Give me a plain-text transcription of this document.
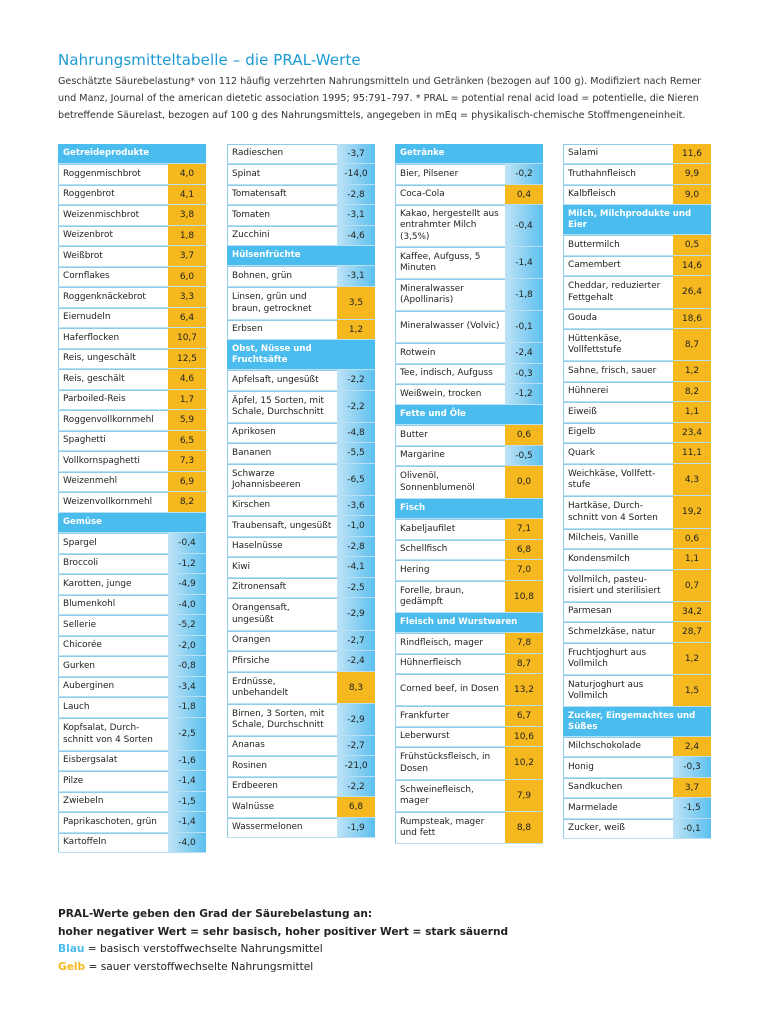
Nahrungsmitteltabelle – die PRAL-Werte

Geschätzte Säurebelastung* von 112 häufig verzehrten Nahrungsmitteln und Getränken (bezogen auf 100 g). Modifiziert nach Remer und Manz, Journal of the american dietetic association 1995; 95:791–797. * PRAL = potential renal acid load = potentielle, die Nieren betreffende Säurelast, bezogen auf 100 g des Nahrungsmittels, angegeben in mEq = physikalisch-chemische Stoffmengeneinheit.

Getreideprodukte
Roggenmischbrot	4,0
Roggenbrot	4,1
Weizenmischbrot	3,8
Weizenbrot	1,8
Weißbrot	3,7
Cornflakes	6,0
Roggenknäckebrot	3,3
Eiernudeln	6,4
Haferflocken	10,7
Reis, ungeschält	12,5
Reis, geschält	4,6
Parboiled-Reis	1,7
Roggenvollkornmehl	5,9
Spaghetti	6,5
Vollkornspaghetti	7,3
Weizenmehl	6,9
Weizenvollkornmehl	8,2
Gemüse
Spargel	-0,4
Broccoli	-1,2
Karotten, junge	-4,9
Blumenkohl	-4,0
Sellerie	-5,2
Chicorée	-2,0
Gurken	-0,8
Auberginen	-3,4
Lauch	-1,8
Kopfsalat, Durch-schnitt von 4 Sorten
-2,5
Eisbergsalat	-1,6
Pilze	-1,4
Zwiebeln	-1,5
Paprikaschoten, grün	-1,4
Kartoffeln	-4,0
Radieschen	-3,7
Spinat	-14,0
Tomatensaft	-2,8
Tomaten	-3,1
Zucchini	-4,6
Hülsenfrüchte
Bohnen, grün	-3,1
Linsen, grün und braun, getrocknet
3,5
Erbsen	1,2
Obst, Nüsse und Fruchtsäfte
Apfelsaft, ungesüßt	-2,2
Äpfel, 15 Sorten, mit Schale, Durchschnitt
-2,2
Aprikosen	-4,8
Bananen	-5,5
Schwarze Johannisbeeren
-6,5
Kirschen	-3,6
Traubensaft, ungesüßt	-1,0
Haselnüsse	-2,8
Kiwi	-4,1
Zitronensaft	-2,5
Orangensaft, ungesüßt
-2,9
Orangen	-2,7
Pfirsiche	-2,4
Erdnüsse, unbehandelt
8,3
Birnen, 3 Sorten, mit Schale, Durchschnitt
-2,9
Ananas	-2,7
Rosinen	-21,0
Erdbeeren	-2,2
Walnüsse	6,8
Wassermelonen	-1,9
Getränke
Bier, Pilsener	-0,2
Coca-Cola	0,4
Kakao, hergestellt aus entrahmter Milch (3,5%)
-0,4
Kaffee, Aufguss, 5 Minuten
-1,4
Mineralwasser (Apollinaris)
-1,8
Mineralwasser (Volvic)	-0,1
Rotwein	-2,4
Tee, indisch, Aufguss	-0,3
Weißwein, trocken	-1,2
Fette und Öle
Butter	0,6
Margarine	-0,5
Olivenöl, Sonnenblumenöl
0,0
Fisch
Kabeljaufilet	7,1
Schellfisch	6,8
Hering	7,0
Forelle, braun, gedämpft
10,8
Fleisch und Wurstwaren
Rindfleisch, mager	7,8
Hühnerfleisch	8,7
Corned beef, in Dosen	13,2
Frankfurter	6,7
Leberwurst	10,6
Frühstücksfleisch, in Dosen
10,2
Schweinefleisch, mager
7,9
Rumpsteak, mager und fett
8,8
Salami	11,6
Truthahnfleisch	9,9
Kalbfleisch	9,0
Milch, Milchprodukte und Eier
Buttermilch	0,5
Camembert	14,6
Cheddar, reduzierter Fettgehalt
26,4
Gouda	18,6
Hüttenkäse, Vollfettstufe
8,7
Sahne, frisch, sauer	1,2
Hühnerei	8,2
Eiweiß	1,1
Eigelb	23,4
Quark	11,1
Weichkäse, Vollfett-stufe
4,3
Hartkäse, Durch-schnitt von 4 Sorten
19,2
Milcheis, Vanille	0,6
Kondensmilch	1,1
Vollmilch, pasteu-risiert und sterilisiert
0,7
Parmesan	34,2
Schmelzkäse, natur	28,7
Fruchtjoghurt aus Vollmilch
1,2
Naturjoghurt aus Vollmilch
1,5
Zucker, Eingemachtes und Süßes
Milchschokolade	2,4
Honig	-0,3
Sandkuchen	3,7
Marmelade	-1,5
Zucker, weiß	-0,1
PRAL-Werte geben den Grad der Säurebelastung an:
hoher negativer Wert = sehr basisch, hoher positiver Wert = stark säuernd
Blau = basisch verstoffwechselte Nahrungsmittel
Gelb = sauer verstoffwechselte Nahrungsmittel
